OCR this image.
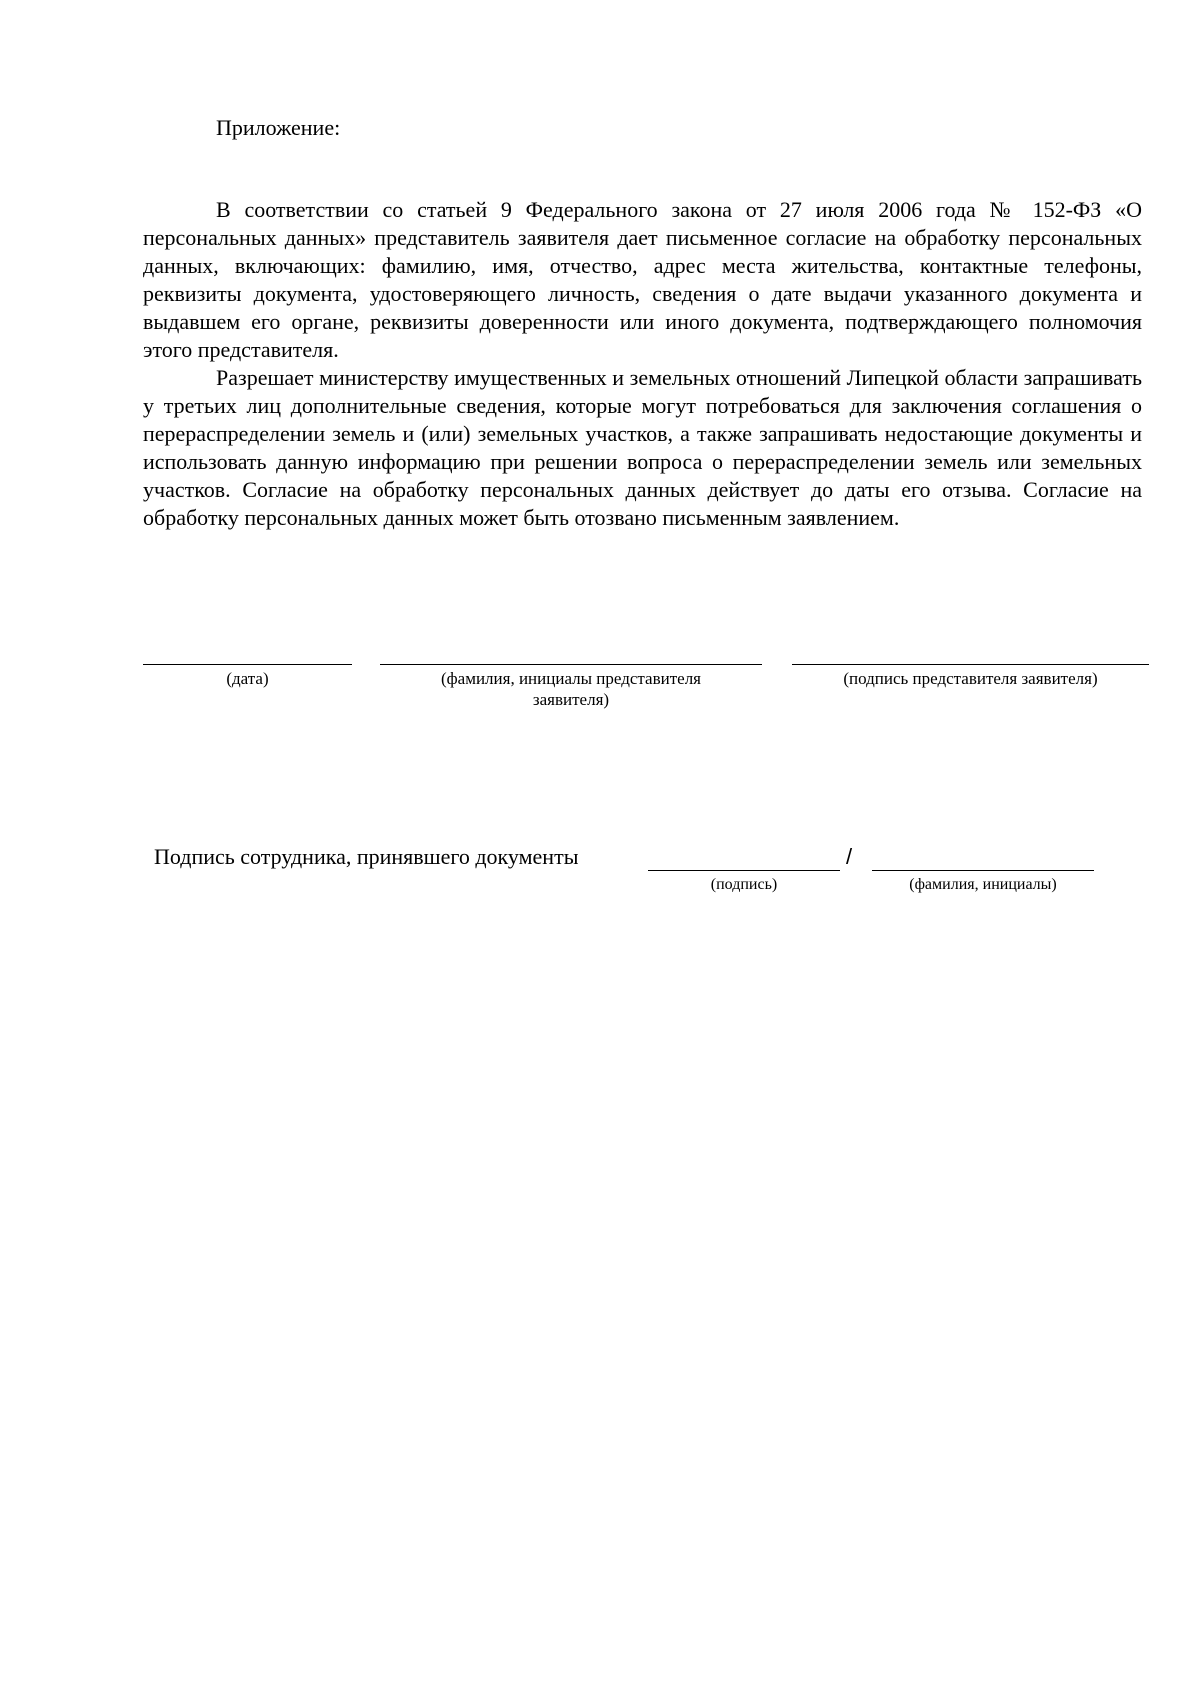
Приложение:

В соответствии со статьей 9 Федерального закона от 27 июля 2006 года № 152-ФЗ «О персональных данных» представитель заявителя дает письменное согласие на обработку персональных данных, включающих: фамилию, имя, отчество, адрес места жительства, контактные телефоны, реквизиты документа, удостоверяющего личность, сведения о дате выдачи указанного документа и выдавшем его органе, реквизиты доверенности или иного документа, подтверждающего полномочия этого представителя.

Разрешает министерству имущественных и земельных отношений Липецкой области запрашивать у третьих лиц дополнительные сведения, которые могут потребоваться для заключения соглашения о перераспределении земель и (или) земельных участков, а также запрашивать недостающие документы и использовать данную информацию при решении вопроса о перераспределении земель или земельных участков. Согласие на обработку персональных данных действует до даты его отзыва. Согласие на обработку персональных данных может быть отозвано письменным заявлением.

(дата)	(фамилия, инициалы представителя заявителя)
(подпись представителя заявителя)
Подпись сотрудника, принявшего документы
(подпись)
/
(фамилия, инициалы)
